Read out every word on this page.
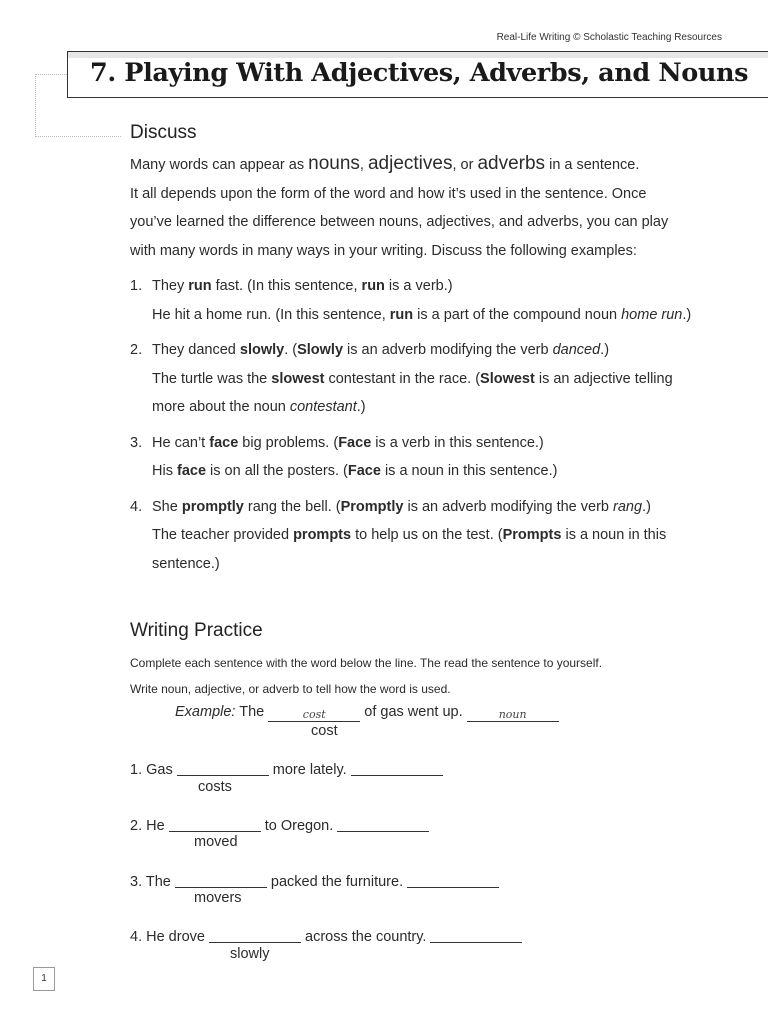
Real-Life Writing © Scholastic Teaching Resources
7. Playing With Adjectives, Adverbs, and Nouns
Discuss
Many words can appear as nouns, adjectives, or adverbs in a sentence.
It all depends upon the form of the word and how it’s used in the sentence. Once
you’ve learned the difference between nouns, adjectives, and adverbs, you can play
with many words in many ways in your writing. Discuss the following examples:
1. They run fast. (In this sentence, run is a verb.)
He hit a home run. (In this sentence, run is a part of the compound noun home run.)
2. They danced slowly. (Slowly is an adverb modifying the verb danced.)
The turtle was the slowest contestant in the race. (Slowest is an adjective telling
more about the noun contestant.)
3. He can’t face big problems. (Face is a verb in this sentence.)
His face is on all the posters. (Face is a noun in this sentence.)
4. She promptly rang the bell. (Promptly is an adverb modifying the verb rang.)
The teacher provided prompts to help us on the test. (Prompts is a noun in this
sentence.)
Writing Practice
Complete each sentence with the word below the line. The read the sentence to yourself.
Write noun, adjective, or adverb to tell how the word is used.
Example: The	cost of gas went up.	noun
cost
1. Gas	more lately.
costs
2. He	to Oregon.
moved
3. The	packed the furniture.
movers
4. He drove	across the country.
slowly
1
